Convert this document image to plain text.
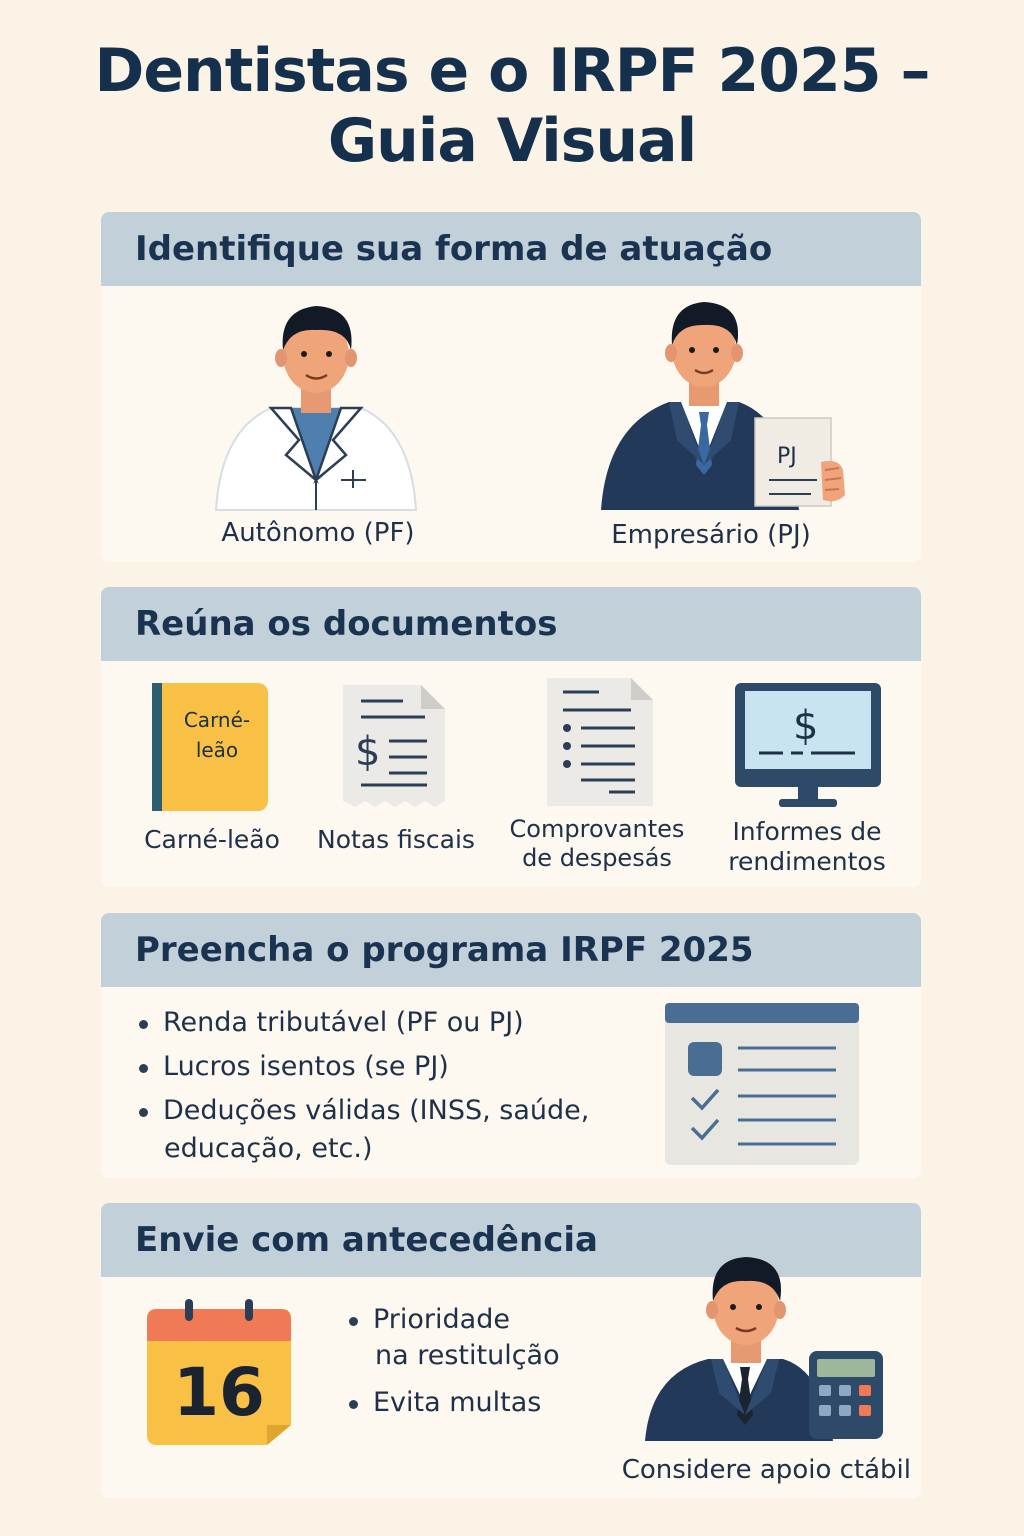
Dentistas e o IRPF 2025 –
Guia Visual
Identifique sua forma de atuação
Autônomo (PF)
PJ
Empresário (PJ)
Reúna os documentos
Carné-
leão
Carné-leão
$
Notas fiscais	Comprovantes
de despesás
$
Informes de
rendimentos
Preencha o programa IRPF 2025
Renda tributável (PF ou PJ)
Lucros isentos (se PJ)
Deduções válidas (INSS, saúde,
educação, etc.)
Envie com antecedência
16
Prioridade
na restitulção
Evita multas
Considere apoio ctábil
